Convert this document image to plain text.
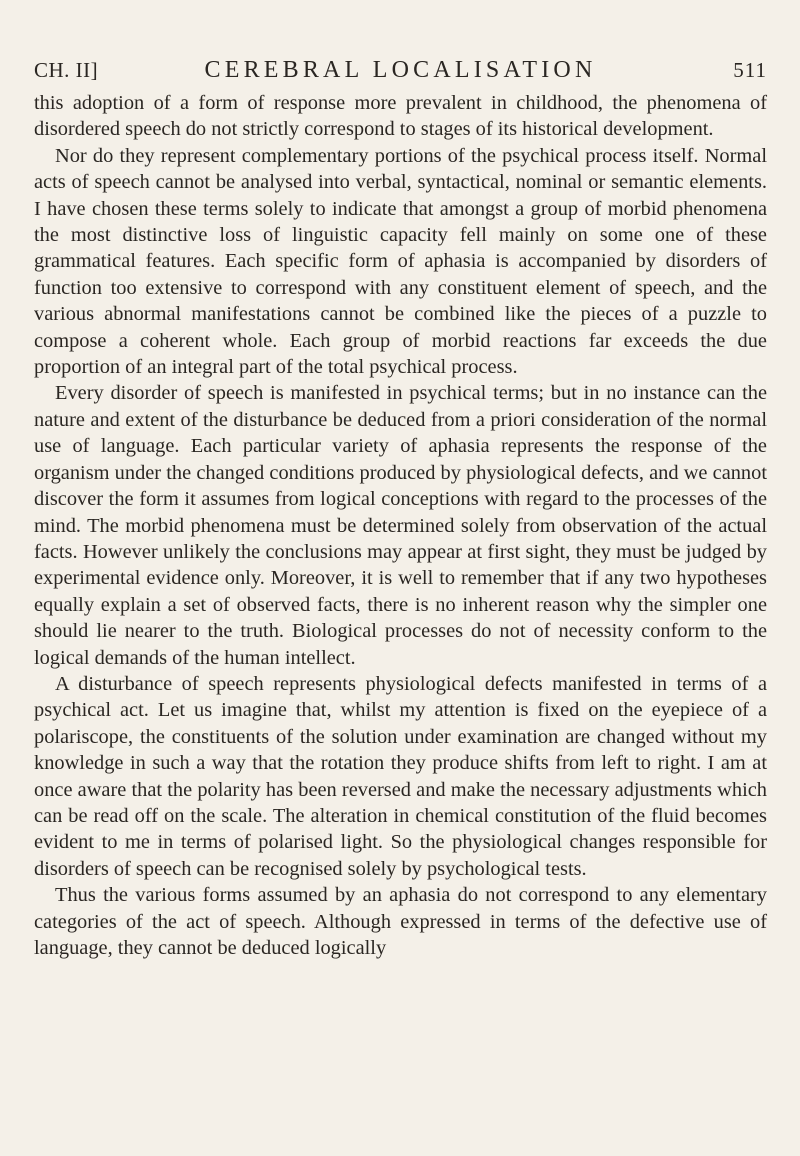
CH. II]	CEREBRAL LOCALISATION	511

this adoption of a form of response more prevalent in childhood, the phenomena of disordered speech do not strictly correspond to stages of its historical development.

Nor do they represent complementary portions of the psychical process itself. Normal acts of speech cannot be analysed into verbal, syntactical, nominal or semantic elements. I have chosen these terms solely to indicate that amongst a group of morbid phenomena the most distinctive loss of linguistic capacity fell mainly on some one of these grammatical features. Each specific form of aphasia is accompanied by disorders of function too extensive to correspond with any constituent element of speech, and the various abnormal manifestations cannot be combined like the pieces of a puzzle to compose a coherent whole. Each group of morbid reactions far exceeds the due proportion of an integral part of the total psychical process.

Every disorder of speech is manifested in psychical terms; but in no instance can the nature and extent of the disturbance be deduced from a priori consideration of the normal use of language. Each particular variety of aphasia represents the response of the organism under the changed conditions produced by physiological defects, and we cannot discover the form it assumes from logical conceptions with regard to the processes of the mind. The morbid phenomena must be determined solely from observation of the actual facts. However unlikely the conclusions may appear at first sight, they must be judged by experimental evidence only. Moreover, it is well to remember that if any two hypotheses equally explain a set of observed facts, there is no inherent reason why the simpler one should lie nearer to the truth. Biological processes do not of necessity conform to the logical demands of the human intellect.

A disturbance of speech represents physiological defects manifested in terms of a psychical act. Let us imagine that, whilst my attention is fixed on the eyepiece of a polariscope, the constituents of the solution under examination are changed without my knowledge in such a way that the rotation they produce shifts from left to right. I am at once aware that the polarity has been reversed and make the necessary adjustments which can be read off on the scale. The alteration in chemical constitution of the fluid becomes evident to me in terms of polarised light. So the physiological changes responsible for disorders of speech can be recognised solely by psychological tests.

Thus the various forms assumed by an aphasia do not correspond to any elementary categories of the act of speech. Although expressed in terms of the defective use of language, they cannot be deduced logically
